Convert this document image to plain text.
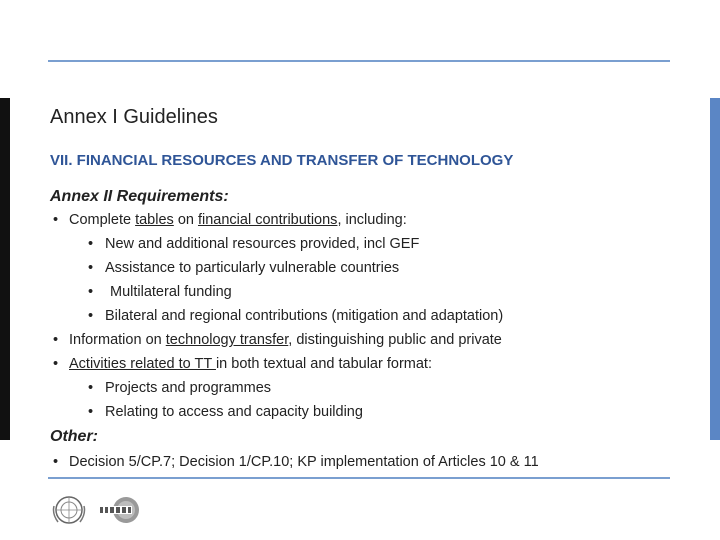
Annex I Guidelines
VII. FINANCIAL RESOURCES AND TRANSFER OF TECHNOLOGY
Annex II Requirements:
• Complete tables on financial contributions, including:
• New and additional resources provided, incl GEF
• Assistance to particularly vulnerable countries
• Multilateral funding
• Bilateral and regional contributions (mitigation and adaptation)
• Information on technology transfer, distinguishing public and private
• Activities related to TT in both textual and tabular format:
• Projects and programmes
• Relating to access and capacity building
Other:
• Decision 5/CP.7; Decision 1/CP.10; KP implementation of Articles 10 & 11
